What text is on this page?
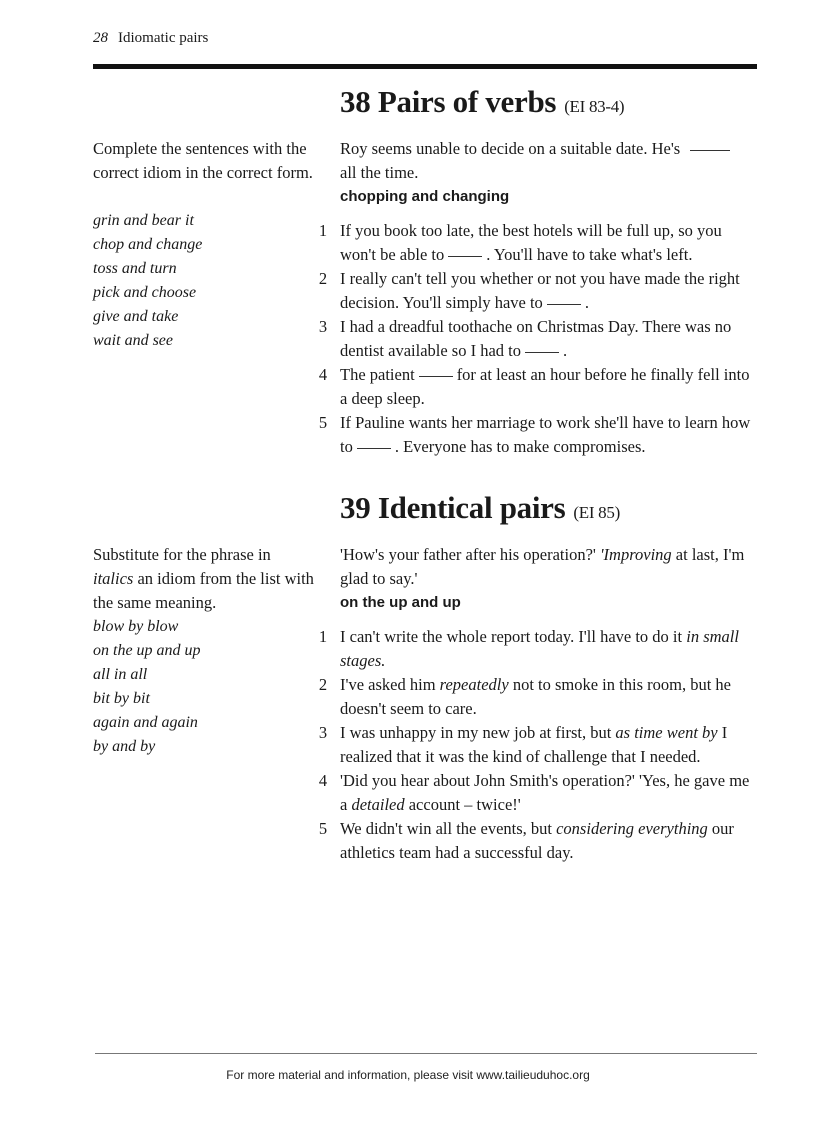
28 Idiomatic pairs
38 Pairs of verbs (EI 83-4)
Complete the sentences with the correct idiom in the correct form.
grin and bear it
chop and change
toss and turn
pick and choose
give and take
wait and see
Roy seems unable to decide on a suitable date. He'sall the time.
chopping and changing
1 If you book too late, the best hotels will be full up, so you won't be able to	. You'll have to take what's left.
2 I really can't tell you whether or not you have made the right decision. You'll simply have to	.
3 I had a dreadful toothache on Christmas Day. There was no dentist available so I had to	.
4 The patient	for at least an hour before he finally fell into a deep sleep.
5 If Pauline wants her marriage to work she'll have to learn how to	. Everyone has to make compromises.
39 Identical pairs (EI 85)
Substitute for the phrase in italics an idiom from the list with the same meaning.
blow by blow
on the up and up
all in all
bit by bit
again and again
by and by
'How's your father after his operation?' 'Improving at last, I'm glad to say.'
on the up and up
1 I can't write the whole report today. I'll have to do it in small stages.
2 I've asked him repeatedly not to smoke in this room, but he doesn't seem to care.
3 I was unhappy in my new job at first, but as time went by I realized that it was the kind of challenge that I needed.
4 'Did you hear about John Smith's operation?' 'Yes, he gave me a detailed account – twice!'
5 We didn't win all the events, but considering everything our athletics team had a successful day.
For more material and information, please visit www.tailieuduhoc.org
